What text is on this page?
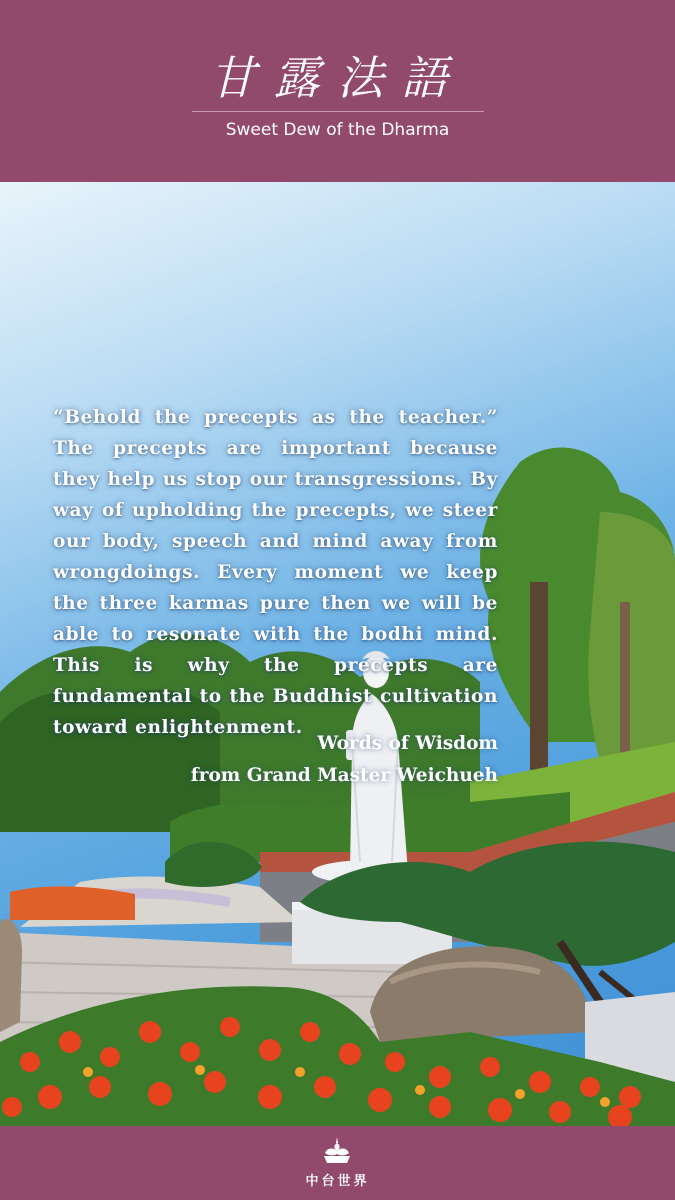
甘露法語
Sweet Dew of the Dharma
“Behold the precepts as the teacher.” The precepts are important because they help us stop our transgressions. By way of upholding the precepts, we steer our body, speech and mind away from wrongdoings. Every moment we keep the three karmas pure then we will be able to resonate with the bodhi mind. This is why the precepts are fundamental to the Buddhist cultivation toward enlightenment.
Words of Wisdom
from Grand Master Weichueh
中台世界
